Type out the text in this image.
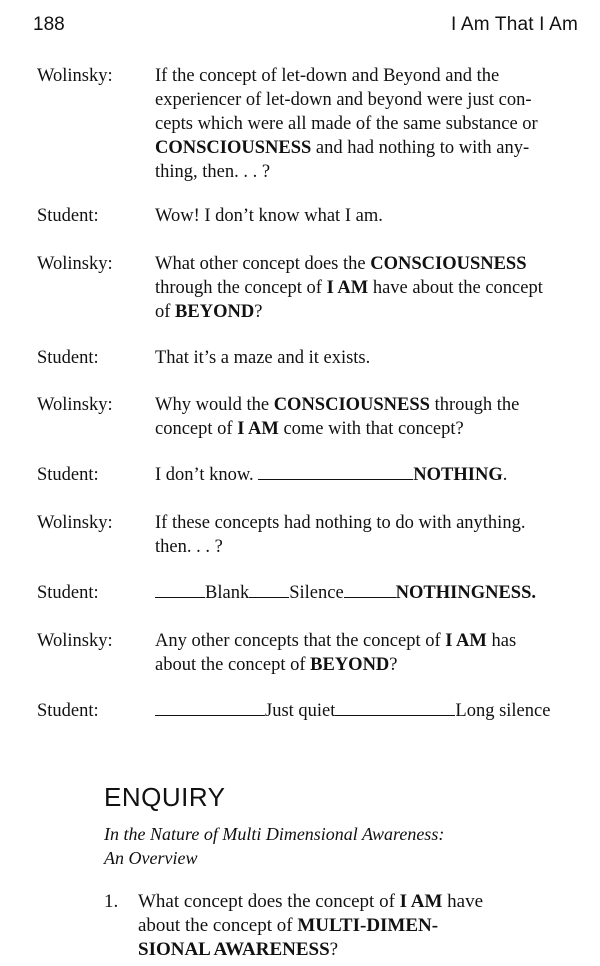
188	I Am That I Am
Wolinsky:	If the concept of let-down and Beyond and the
experiencer of let-down and beyond were just con-
cepts which were all made of the same substance or
CONSCIOUSNESS and had nothing to with any-
thing, then. . . ?
Student:	Wow! I don’t know what I am.
Wolinsky:	What other concept does the CONSCIOUSNESS
through the concept of I AM have about the concept
of BEYOND?
Student:	That it’s a maze and it exists.
Wolinsky:	Why would the CONSCIOUSNESS through the
concept of I AM come with that concept?
Student:	I don’t know.	NOTHING.
Wolinsky:	If these concepts had nothing to do with anything.
then. . . ?
Student:	Blank Silence	NOTHINGNESS.
Wolinsky:	Any other concepts that the concept of I AM has
about the concept of BEYOND?
Student:	Just quiet	Long silence
ENQUIRY
In the Nature of Multi Dimensional Awareness:
An Overview
1. What concept does the concept of I AM have
about the concept of MULTI-DIMEN-
SIONAL AWARENESS?
